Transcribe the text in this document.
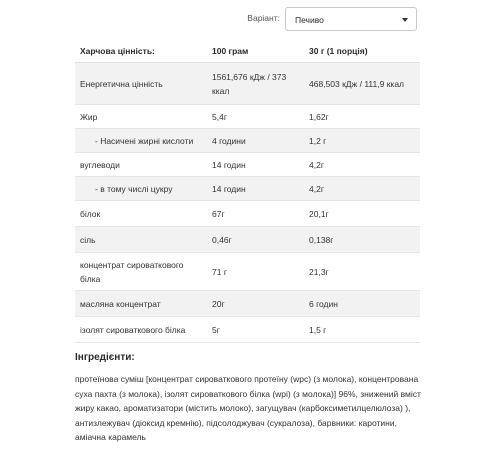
Варіант: Печиво
Харчова цінність:	100 грам	30 г (1 порція)
Енергетична цінність	1561,676 кДж / 373 ккал	468,503 кДж / 111,9 ккал
Жир	5,4г	1,62г
- Насичені жирні кислоти	4 години	1,2 г
вуглеводи	14 годин	4,2г
- в тому числі цукру	14 годин	4,2г
білок	67г	20,1г
сіль	0,46г	0,138г
концентрат сироваткового білка	71 г	21,3г
масляна концентрат	20г	6 годин
ізолят сироваткового білка	5г	1,5 г
Інгредієнти:
протеїнова суміш [концентрат сироваткового протеїну (wpc) (з молока), концентрована суха пахта (з молока), ізолят сироваткового білка (wpi) (з молока)] 96%, знижений вміст жиру какао, ароматизатори (містить молоко), загущувач (карбоксиметилцелюлоза) ), антизлежувач (діоксид кремнію), підсолоджувач (сукралоза), барвники: каротини, аміачна карамель
